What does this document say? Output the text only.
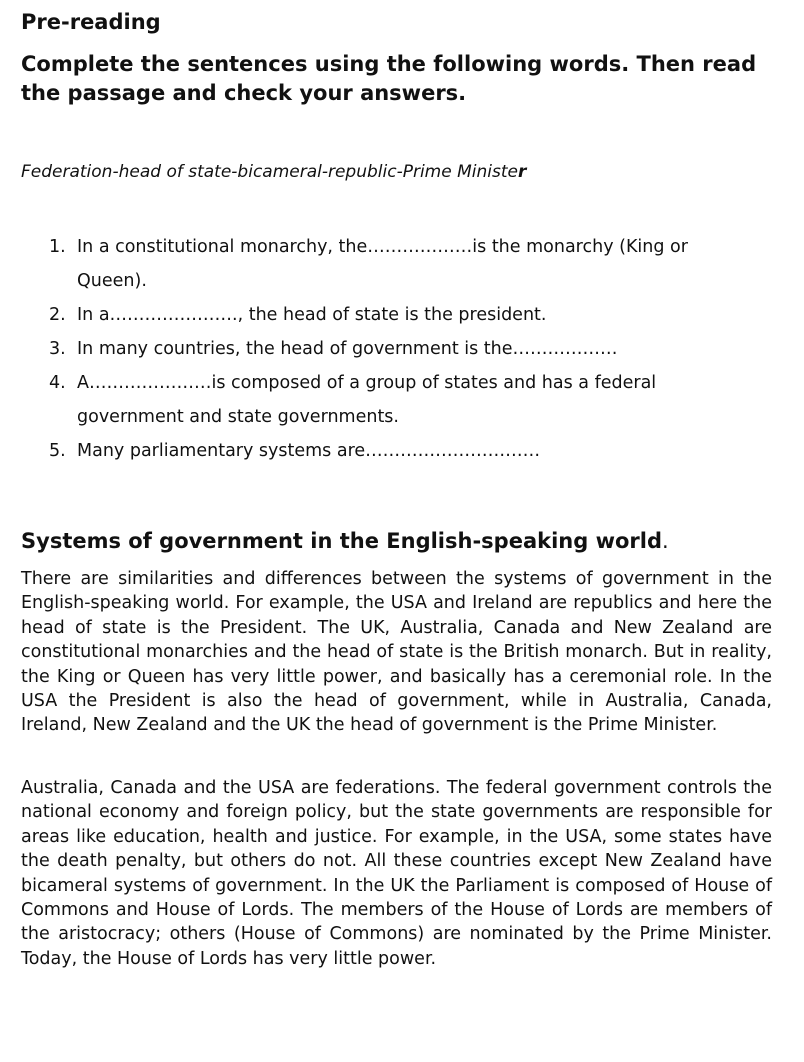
Pre-reading

Complete the sentences using the following words. Then read the passage and check your answers.

Federation-head of state-bicameral-republic-Prime Minister

1 . In a constitutional monarchy, the………………is the monarchy (King or Queen).
2 . In a…………………., the head of state is the president.
3 . In many countries, the head of government is the………………
4 . A…………………is composed of a group of states and has a federal government and state governments.
5 . Many parliamentary systems are…………………………
Systems of government in the English-speaking world.

There are similarities and differences between the systems of government in the English-speaking world. For example, the USA and Ireland are republics and here the head of state is the President. The UK, Australia, Canada and New Zealand are constitutional monarchies and the head of state is the British monarch. But in reality, the King or Queen has very little power, and basically has a ceremonial role. In the USA the President is also the head of government, while in Australia, Canada, Ireland, New Zealand and the UK the head of government is the Prime Minister.

Australia, Canada and the USA are federations. The federal government controls the national economy and foreign policy, but the state governments are responsible for areas like education, health and justice. For example, in the USA, some states have the death penalty, but others do not. All these countries except New Zealand have bicameral systems of government. In the UK the Parliament is composed of House of Commons and House of Lords. The members of the House of Lords are members of the aristocracy; others (House of Commons) are nominated by the Prime Minister. Today, the House of Lords has very little power.
